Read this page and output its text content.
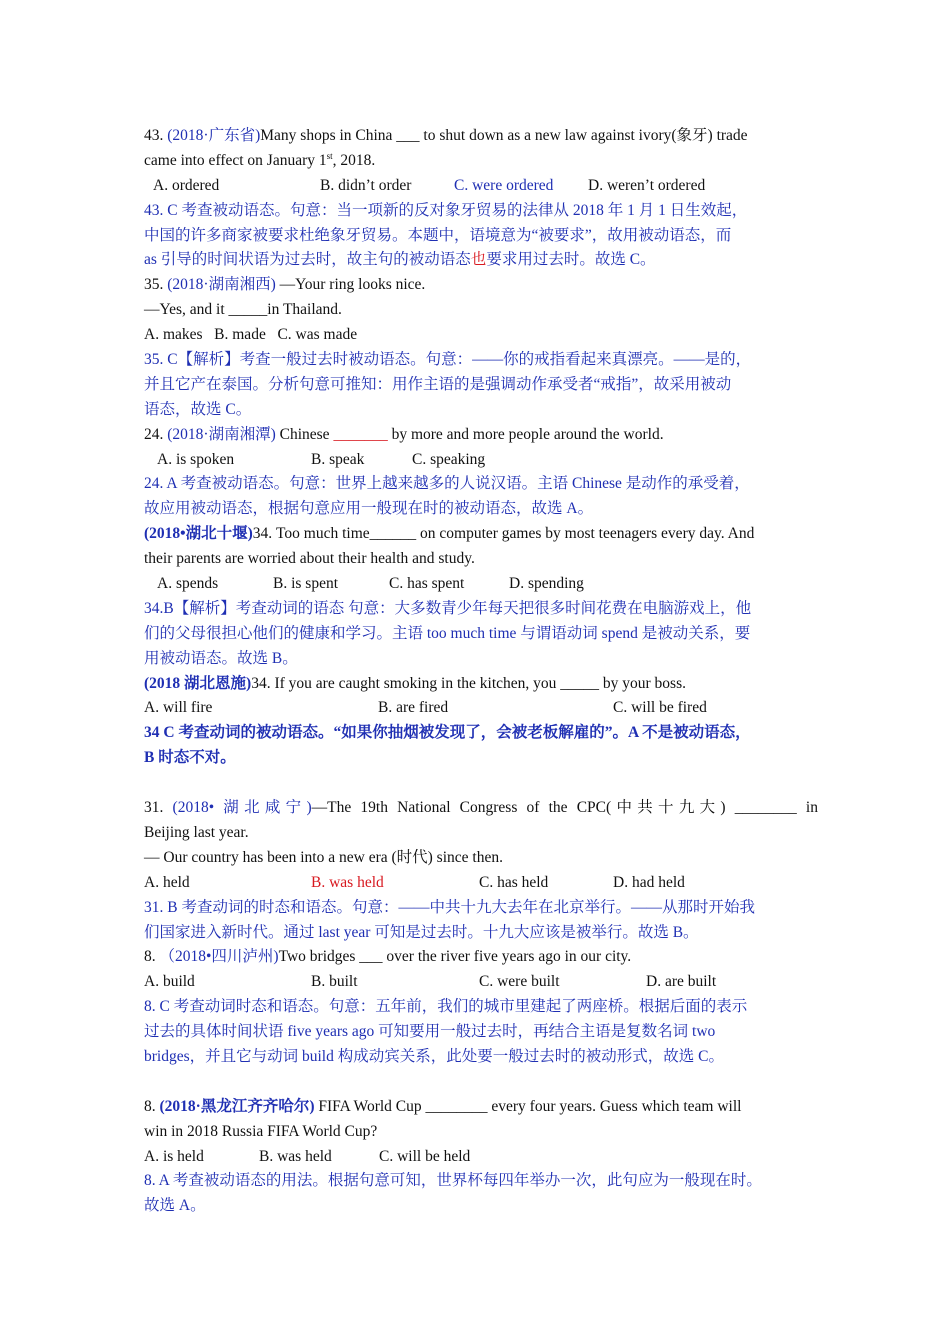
43. (2018·广东省)Many shops in China ___ to shut down as a new law against ivory(象牙) trade
came into effect on January 1st, 2018.
A. ordered	B. didn’t order	C. were ordered	D. weren’t ordered
43. C 考查被动语态。句意：当一项新的反对象牙贸易的法律从 2018 年 1 月 1 日生效起，
中国的许多商家被要求杜绝象牙贸易。本题中，语境意为“被要求”，故用被动语态，而
as 引导的时间状语为过去时，故主句的被动语态也要求用过去时。故选 C。
35. (2018·湖南湘西) —Your ring looks nice.
—Yes, and it _____in Thailand.
A. makes   B. made   C. was made
35. C【解析】考查一般过去时被动语态。句意：——你的戒指看起来真漂亮。——是的，
并且它产在泰国。分析句意可推知：用作主语的是强调动作承受者“戒指”，故采用被动
语态，故选 C。
24. (2018·湖南湘潭) Chinese _______ by more and more people around the world.
A. is spoken	B. speak	C. speaking
24. A 考查被动语态。句意：世界上越来越多的人说汉语。主语 Chinese 是动作的承受着，
故应用被动语态，根据句意应用一般现在时的被动语态，故选 A。
(2018•湖北十堰)34. Too much time______ on computer games by most teenagers every day. And
their parents are worried about their health and study.
A. spends	B. is spent	C. has spent	D. spending
34.B【解析】考查动词的语态 句意：大多数青少年每天把很多时间花费在电脑游戏上，他
们的父母很担心他们的健康和学习。主语 too much time 与谓语动词 spend 是被动关系，要
用被动语态。故选 B。
(2018 湖北恩施)34. If you are caught smoking in the kitchen, you _____ by your boss.
A. will fire	B. are fired	C. will be fired
34 C 考查动词的被动语态。“如果你抽烟被发现了，会被老板解雇的”。A 不是被动语态，
B 时态不对。
31. (2018• 湖北咸宁)—The 19th National Congress of the CPC(中共十九大) ________ in
Beijing last year.
— Our country has been into a new era (时代) since then.
A. held	B. was held	C. has held	D. had held
31. B 考查动词的时态和语态。句意：——中共十九大去年在北京举行。——从那时开始我
们国家进入新时代。通过 last year 可知是过去时。十九大应该是被举行。故选 B。
8. （2018•四川泸州)Two bridges ___ over the river five years ago in our city.
A. build	B. built	C. were built	D. are built
8. C 考查动词时态和语态。句意：五年前，我们的城市里建起了两座桥。根据后面的表示
过去的具体时间状语 five years ago 可知要用一般过去时，再结合主语是复数名词 two
bridges，并且它与动词 build 构成动宾关系，此处要一般过去时的被动形式，故选 C。
8. (2018·黑龙江齐齐哈尔) FIFA World Cup ________ every four years. Guess which team will
win in 2018 Russia FIFA World Cup?
A. is held	B. was held	C. will be held
8. A 考查被动语态的用法。根据句意可知，世界杯每四年举办一次，此句应为一般现在时。
故选 A。
